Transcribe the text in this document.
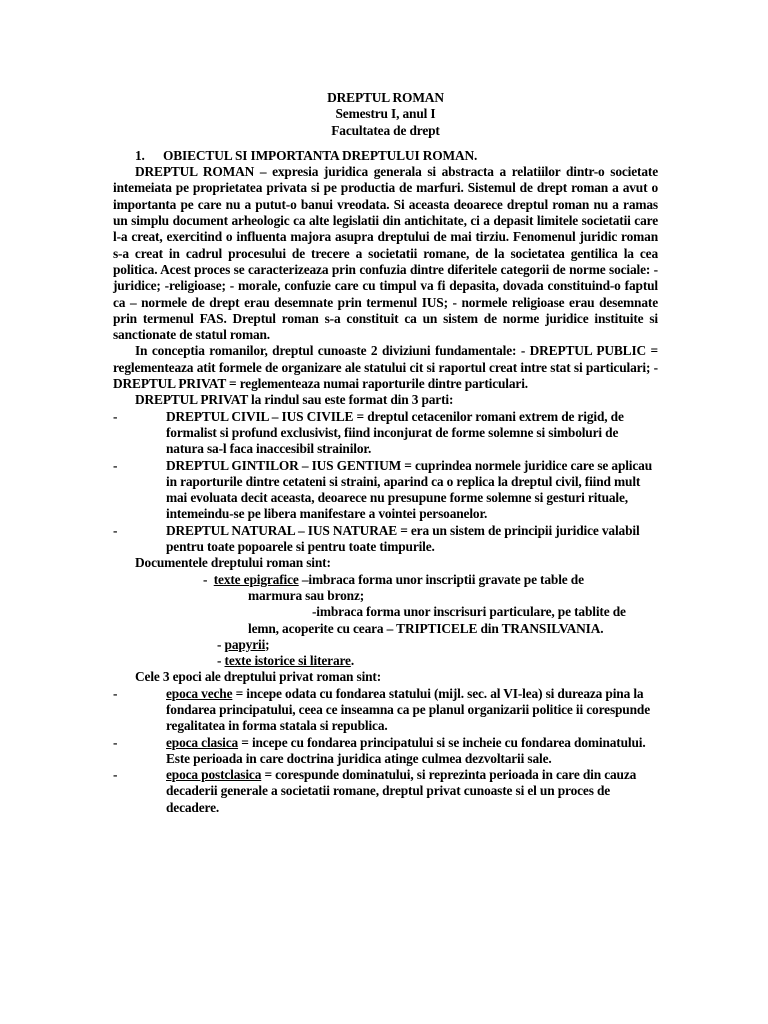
DREPTUL ROMAN
Semestru I, anul I
Facultatea de drept
1. OBIECTUL SI IMPORTANTA DREPTULUI ROMAN.
DREPTUL ROMAN – expresia juridica generala si abstracta a relatiilor dintr-o societate intemeiata pe proprietatea privata si pe productia de marfuri. Sistemul de drept roman a avut o importanta pe care nu a putut-o banui vreodata. Si aceasta deoarece dreptul roman nu a ramas un simplu document arheologic ca alte legislatii din antichitate, ci a depasit limitele societatii care l-a creat, exercitind o influenta majora asupra dreptului de mai tirziu. Fenomenul juridic roman s-a creat in cadrul procesului de trecere a societatii romane, de la societatea gentilica la cea politica. Acest proces se caracterizeaza prin confuzia dintre diferitele categorii de norme sociale: - juridice; -religioase; - morale, confuzie care cu timpul va fi depasita, dovada constituind-o faptul ca – normele de drept erau desemnate prin termenul IUS; - normele religioase erau desemnate prin termenul FAS. Dreptul roman s-a constituit ca un sistem de norme juridice instituite si sanctionate de statul roman.
In conceptia romanilor, dreptul cunoaste 2 diviziuni fundamentale: - DREPTUL PUBLIC = reglementeaza atit formele de organizare ale statului cit si raportul creat intre stat si particulari; - DREPTUL PRIVAT = reglementeaza numai raporturile dintre particulari.
DREPTUL PRIVAT la rindul sau este format din 3 parti:
-	DREPTUL CIVIL – IUS CIVILE = dreptul cetacenilor romani extrem de rigid, de formalist si profund exclusivist, fiind inconjurat de forme solemne si simboluri de natura sa-l faca inaccesibil strainilor.
-	DREPTUL GINTILOR – IUS GENTIUM = cuprindea normele juridice care se aplicau in raporturile dintre cetateni si straini, aparind ca o replica la dreptul civil, fiind mult mai evoluata decit aceasta, deoarece nu presupune forme solemne si gesturi rituale, intemeindu-se pe libera manifestare a vointei persoanelor.
-	DREPTUL NATURAL – IUS NATURAE = era un sistem de principii juridice valabil pentru toate popoarele si pentru toate timpurile.
Documentele dreptului roman sint:
- texte epigrafice –imbraca forma unor inscriptii gravate pe table de
marmura sau bronz;
-imbraca forma unor inscrisuri particulare, pe tablite de
lemn, acoperite cu ceara – TRIPTICELE din TRANSILVANIA.
- papyrii;
- texte istorice si literare.
Cele 3 epoci ale dreptului privat roman sint:
-	epoca veche = incepe odata cu fondarea statului (mijl. sec. al VI-lea) si dureaza pina la fondarea principatului, ceea ce inseamna ca pe planul organizarii politice ii corespunde regalitatea in forma statala si republica.
-	epoca clasica = incepe cu fondarea principatului si se incheie cu fondarea dominatului. Este perioada in care doctrina juridica atinge culmea dezvoltarii sale.
-	epoca postclasica = corespunde dominatului, si reprezinta perioada in care din cauza decaderii generale a societatii romane, dreptul privat cunoaste si el un proces de decadere.
